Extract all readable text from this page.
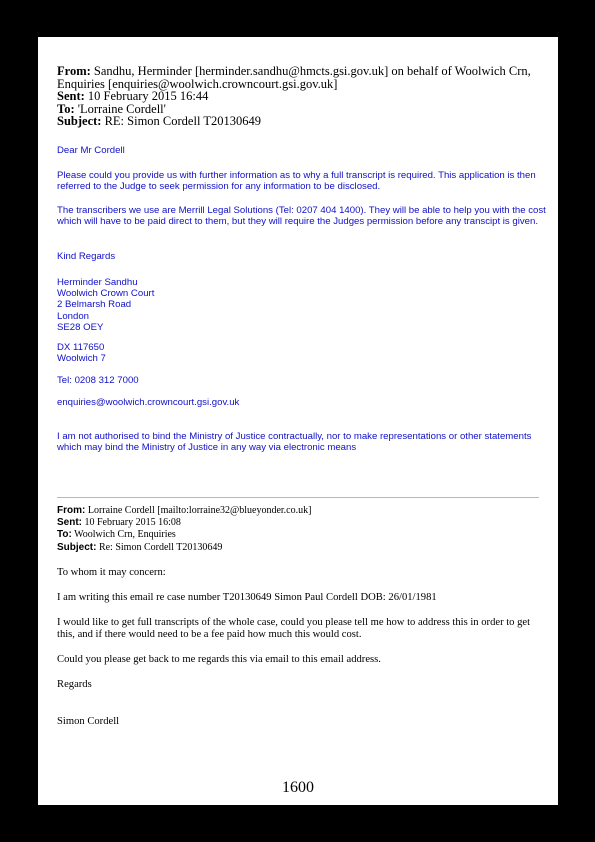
From: Sandhu, Herminder [herminder.sandhu@hmcts.gsi.gov.uk] on behalf of Woolwich Crn, Enquiries [enquiries@woolwich.crowncourt.gsi.gov.uk]
Sent: 10 February 2015 16:44
To: 'Lorraine Cordell'
Subject: RE: Simon Cordell T20130649
Dear Mr Cordell
Please could you provide us with further information as to why a full transcript is required. This application is then referred to the Judge to seek permission for any information to be disclosed.
The transcribers we use are Merrill Legal Solutions (Tel: 0207 404 1400). They will be able to help you with the cost which will have to be paid direct to them, but they will require the Judges permission before any transcipt is given.
Kind Regards
Herminder Sandhu
Woolwich Crown Court
2 Belmarsh Road
London
SE28 OEY
DX 117650
Woolwich 7
Tel: 0208 312 7000
enquiries@woolwich.crowncourt.gsi.gov.uk
I am not authorised to bind the Ministry of Justice contractually, nor to make representations or other statements which may bind the Ministry of Justice in any way via electronic means
From: Lorraine Cordell [mailto:lorraine32@blueyonder.co.uk]
Sent: 10 February 2015 16:08
To: Woolwich Crn, Enquiries
Subject: Re: Simon Cordell T20130649
To whom it may concern:
I am writing this email re case number T20130649 Simon Paul Cordell DOB: 26/01/1981
I would like to get full transcripts of the whole case, could you please tell me how to address this in order to get this, and if there would need to be a fee paid how much this would cost.
Could you please get back to me regards this via email to this email address.
Regards
Simon Cordell
1600
